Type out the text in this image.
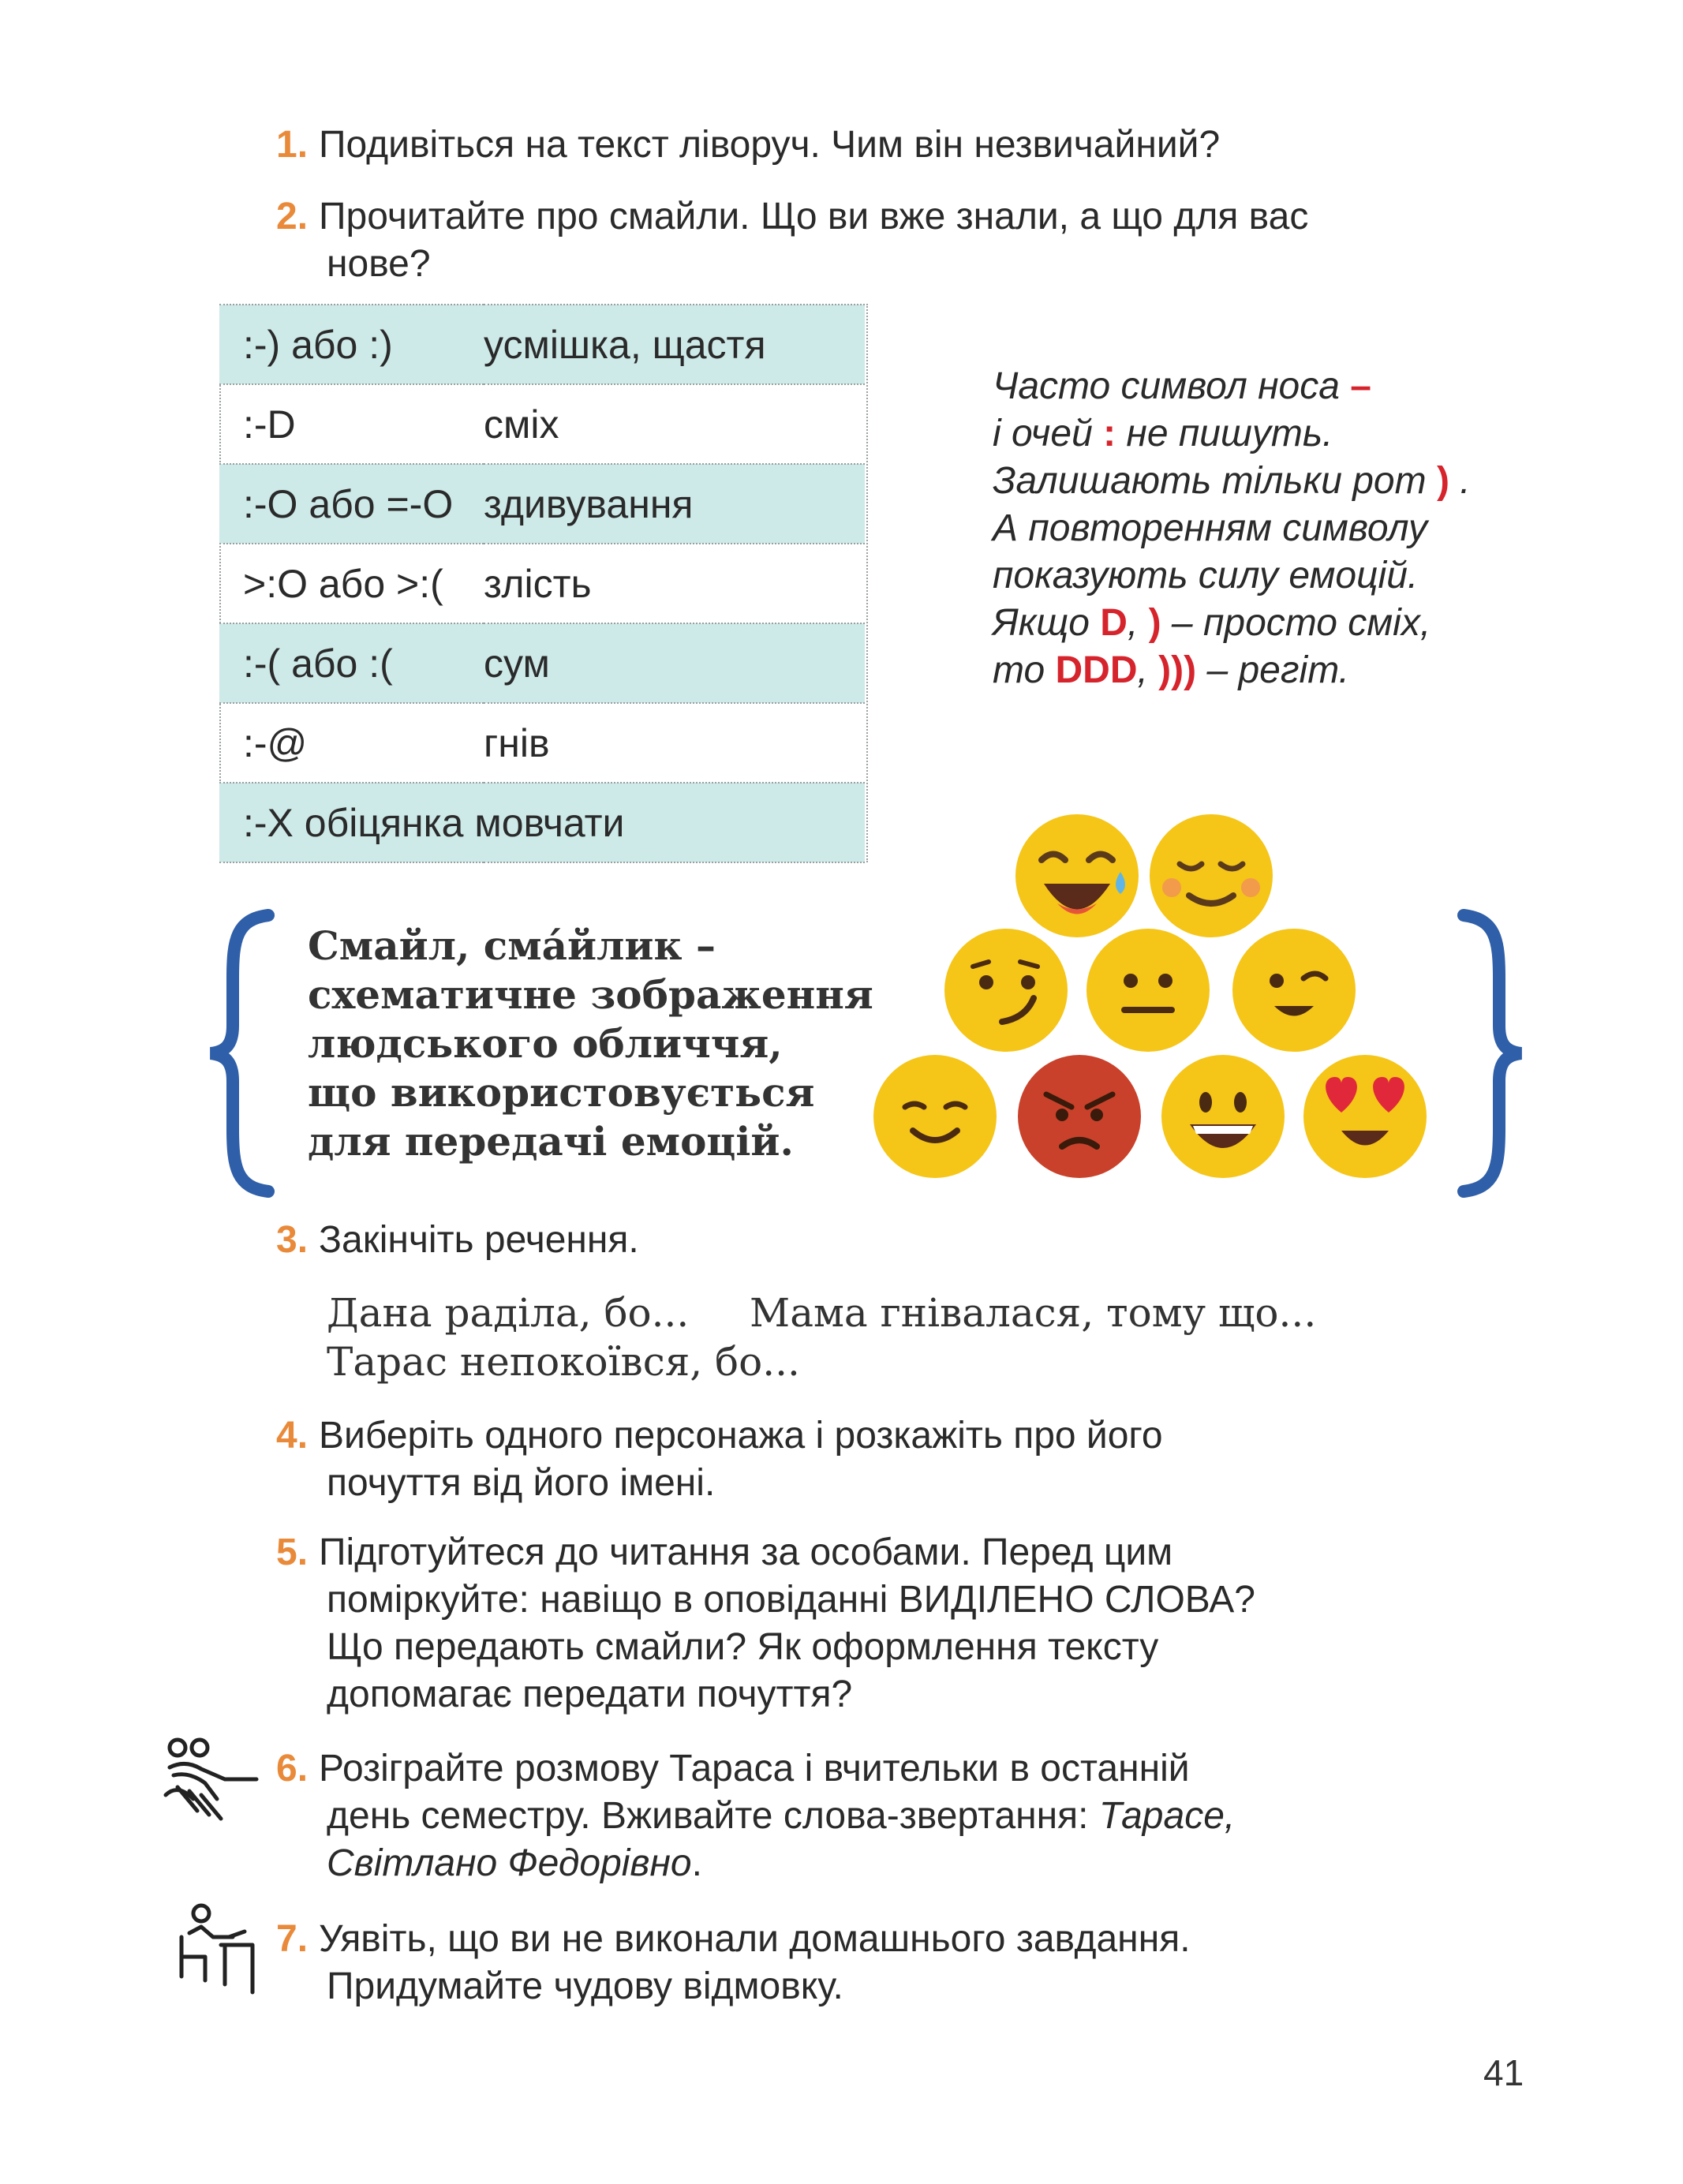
1. Подивіться на текст ліворуч. Чим він незвичайний?
2. Прочитайте про смайли. Що ви вже знали, а що для вас
нове?
:-) або :)	усмішка, щастя
:-D	сміх
:-O або =-O	здивування
>:O або >:(	злість
:-( або :(	сум
:-@	гнів
:-X обіцянка мовчати	
Часто символ носа –
і очей : не пишуть.
Залишають тільки рот ) .
А повторенням символу
показують силу емоцій.
Якщо D, ) – просто сміх,
то DDD, ))) – регіт.
Смайл, сма́йлик –
схематичне зображення
людського обличчя,
що використовується
для передачі емоцій.
3. Закінчіть речення.
Дана раділа, бо... Мама гнівалася, тому що...
Тарас непокоївся, бо...
4. Виберіть одного персонажа і розкажіть про його
почуття від його імені.
5. Підготуйтеся до читання за особами. Перед цим
поміркуйте: навіщо в оповіданні ВИДІЛЕНО СЛОВА?
Що передають смайли? Як оформлення тексту
допомагає передати почуття?
6. Розіграйте розмову Тараса і вчительки в останній
день семестру. Вживайте слова-звертання: Тарасе,
Світлано Федорівно.
7. Уявіть, що ви не виконали домашнього завдання.
Придумайте чудову відмовку.
41
